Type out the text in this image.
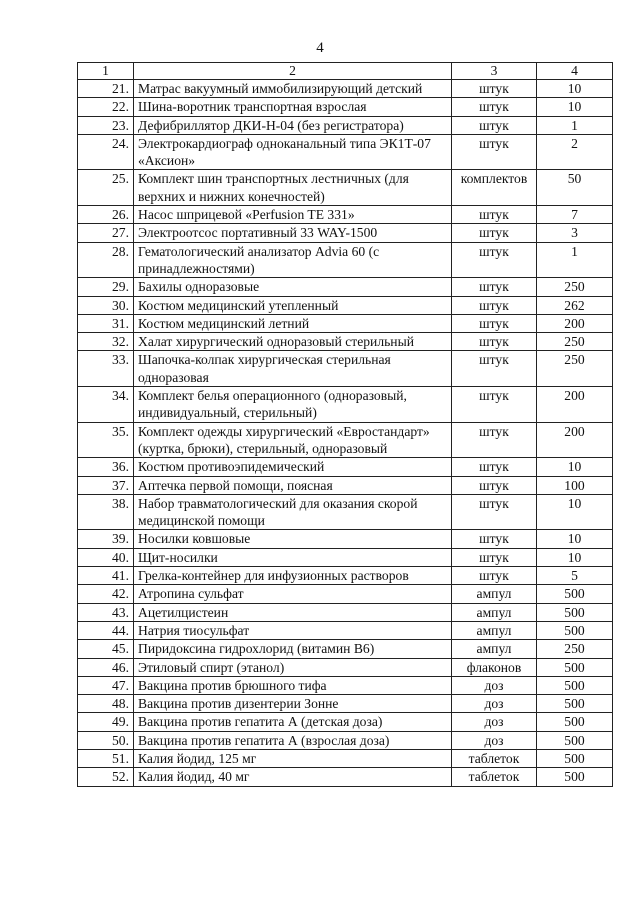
4
1	2	3	4
21.	Матрас вакуумный иммобилизирующий детский	штук	10
22.	Шина-воротник транспортная взрослая	штук	10
23.	Дефибриллятор ДКИ-Н-04 (без регистратора)	штук	1
24.	Электрокардиограф одноканальный типа ЭК1Т-07 «Аксион»	штук	2
25.	Комплект шин транспортных лестничных (для верхних и нижних конечностей)	комплектов	50
26.	Насос шприцевой «Perfusion TE 331»	штук	7
27.	Электроотсос портативный 33 WAY-1500	штук	3
28.	Гематологический анализатор Advia 60 (с принадлежностями)	штук	1
29.	Бахилы одноразовые	штук	250
30.	Костюм медицинский утепленный	штук	262
31.	Костюм медицинский летний	штук	200
32.	Халат хирургический одноразовый стерильный	штук	250
33.	Шапочка-колпак хирургическая стерильная одноразовая	штук	250
34.	Комплект белья операционного (одноразовый, индивидуальный, стерильный)	штук	200
35.	Комплект одежды хирургический «Евростандарт» (куртка, брюки), стерильный, одноразовый	штук	200
36.	Костюм противоэпидемический	штук	10
37.	Аптечка первой помощи, поясная	штук	100
38.	Набор травматологический для оказания скорой медицинской помощи	штук	10
39.	Носилки ковшовые	штук	10
40.	Щит-носилки	штук	10
41.	Грелка-контейнер для инфузионных растворов	штук	5
42.	Атропина сульфат	ампул	500
43.	Ацетилцистеин	ампул	500
44.	Натрия тиосульфат	ампул	500
45.	Пиридоксина гидрохлорид (витамин В6)	ампул	250
46.	Этиловый спирт (этанол)	флаконов	500
47.	Вакцина против брюшного тифа	доз	500
48.	Вакцина против дизентерии Зонне	доз	500
49.	Вакцина против гепатита А (детская доза)	доз	500
50.	Вакцина против гепатита А (взрослая доза)	доз	500
51.	Калия йодид, 125 мг	таблеток	500
52.	Калия йодид, 40 мг	таблеток	500
